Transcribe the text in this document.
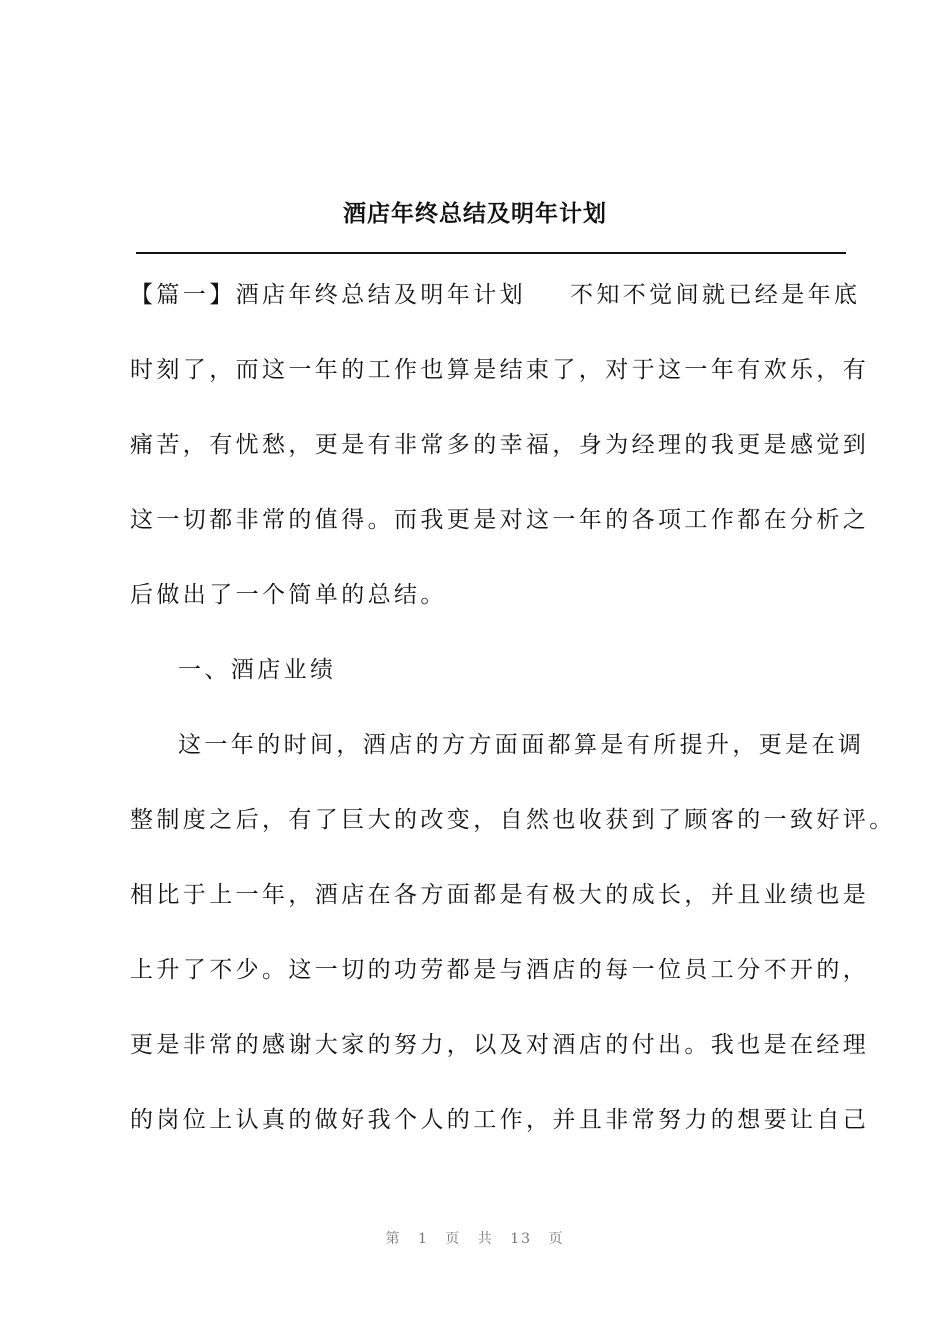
酒店年终总结及明年计划
【篇一】酒店年终总结及明年计划 不知不觉间就已经是年底
时刻了，而这一年的工作也算是结束了，对于这一年有欢乐，有
痛苦，有忧愁，更是有非常多的幸福，身为经理的我更是感觉到
这一切都非常的值得。而我更是对这一年的各项工作都在分析之
后做出了一个简单的总结。
一、酒店业绩
这一年的时间，酒店的方方面面都算是有所提升，更是在调
整制度之后，有了巨大的改变，自然也收获到了顾客的一致好评。
相比于上一年，酒店在各方面都是有极大的成长，并且业绩也是
上升了不少。这一切的功劳都是与酒店的每一位员工分不开的，
更是非常的感谢大家的努力，以及对酒店的付出。我也是在经理
的岗位上认真的做好我个人的工作，并且非常努力的想要让自己
第 1 页 共 13 页
